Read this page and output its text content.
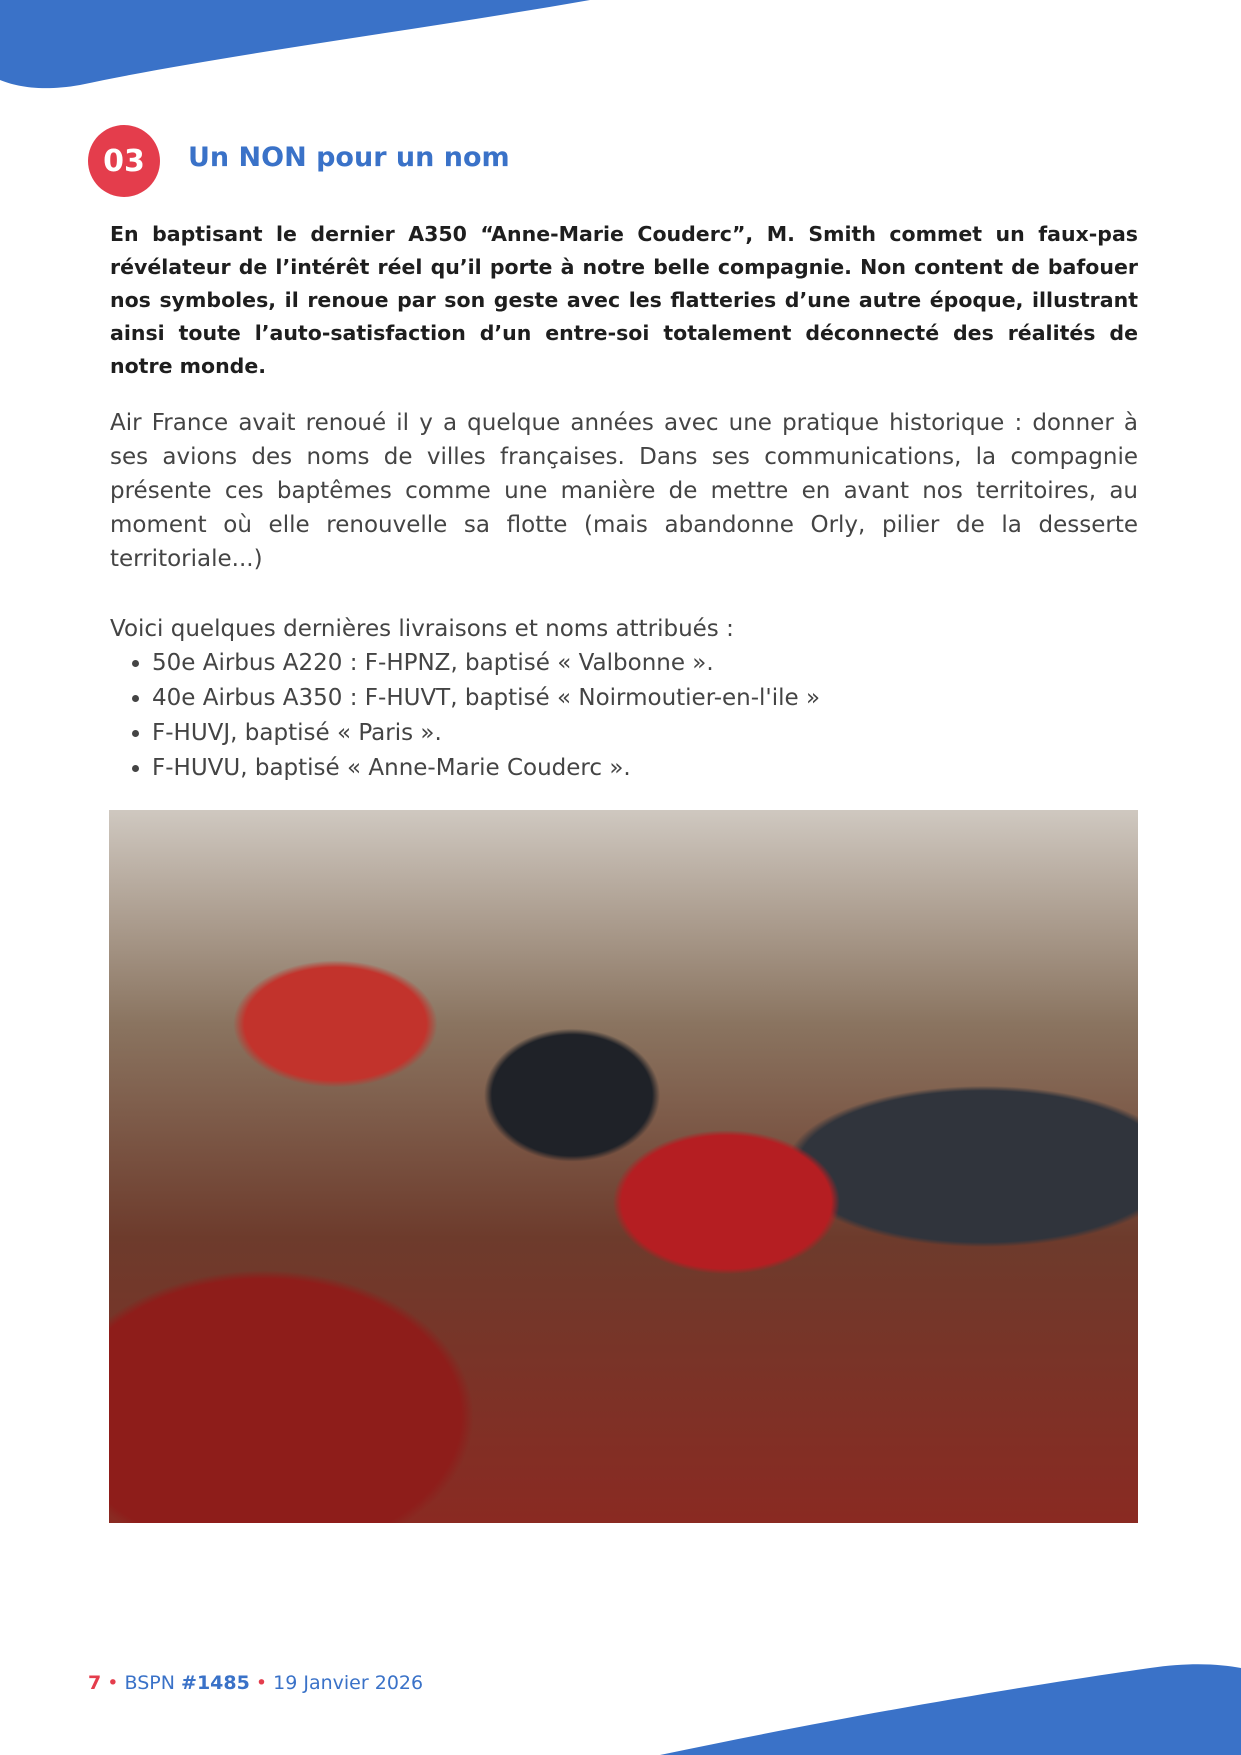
03	Un NON pour un nom

En baptisant le dernier A350 “Anne-Marie Couderc”, M. Smith commet un faux-pas révélateur de l’intérêt réel qu’il porte à notre belle compagnie. Non content de bafouer nos symboles, il renoue par son geste avec les flatteries d’une autre époque, illustrant ainsi toute l’auto-satisfaction d’un entre-soi totalement déconnecté des réalités de notre monde.

Air France avait renoué il y a quelque années avec une pratique historique : donner à ses avions des noms de villes françaises. Dans ses communications, la compagnie présente ces baptêmes comme une manière de mettre en avant nos territoires, au moment où elle renouvelle sa flotte (mais abandonne Orly, pilier de la desserte territoriale...)

Voici quelques dernières livraisons et noms attribués :
• 50e Airbus A220 : F-HPNZ, baptisé « Valbonne ».
• 40e Airbus A350 : F-HUVT, baptisé « Noirmoutier-en-l'ile »
• F-HUVJ, baptisé « Paris ».
• F-HUVU, baptisé « Anne-Marie Couderc ».
7 • BSPN #1485 • 19 Janvier 2026
